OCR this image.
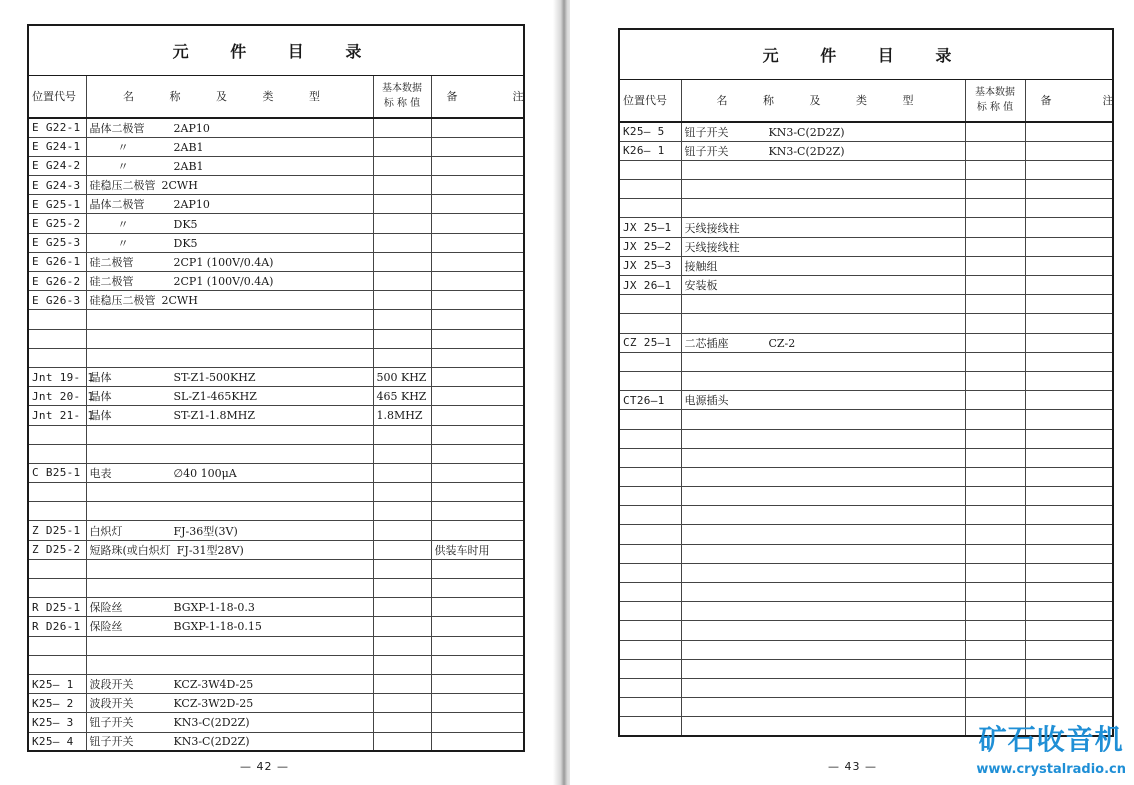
元 件 目 录			
位置代号	名 称 及 类 型	基本数据 标 称 值	备 注
E G22-1	晶体二极管 2AP10		
E G24-1	〃 2AB1		
E G24-2	〃 2AB1		
E G24-3	硅稳压二极管 2CWH		
E G25-1	晶体二极管 2AP10		
E G25-2	〃 DK5		
E G25-3	〃 DK5		
E G26-1	硅二极管 2CP1 (100V/0.4A)		
E G26-2	硅二极管 2CP1 (100V/0.4A)		
E G26-3	硅稳压二极管 2CWH		

Jnt 19- 1	晶体 ST-Z1-500KHZ	500 KHZ	
Jnt 20- 1	晶体 SL-Z1-465KHZ	465 KHZ	
Jnt 21- 1	晶体 ST-Z1-1.8MHZ	1.8MHZ	

C B25-1	电表 ∅40 100μA		

Z D25-1	白炽灯 FJ-36型(3V)		
Z D25-2	短路珠(或白炽灯 FJ-31型28V)		供装车时用

R D25-1	保险丝 BGXP-1-18-0.3		
R D26-1	保险丝 BGXP-1-18-0.15		

K25— 1	波段开关 KCZ-3W4D-25		
K25— 2	波段开关 KCZ-3W2D-25		
K25— 3	钮子开关 KN3-C(2D2Z)		
K25— 4	钮子开关 KN3-C(2D2Z)		
— 42 —
元 件 目 录			
位置代号	名 称 及 类 型	基本数据 标 称 值	备 注
K25— 5	钮子开关 KN3-C(2D2Z)		
K26— 1	钮子开关 KN3-C(2D2Z)		

JX 25—1	天线接线柱		
JX 25—2	天线接线柱		
JX 25—3	接触组		
JX 26—1	安装板		

CZ 25—1	二芯插座 CZ-2		

CT26—1	电源插头		

— 43 —
矿石收音机
www.crystalradio.cn
